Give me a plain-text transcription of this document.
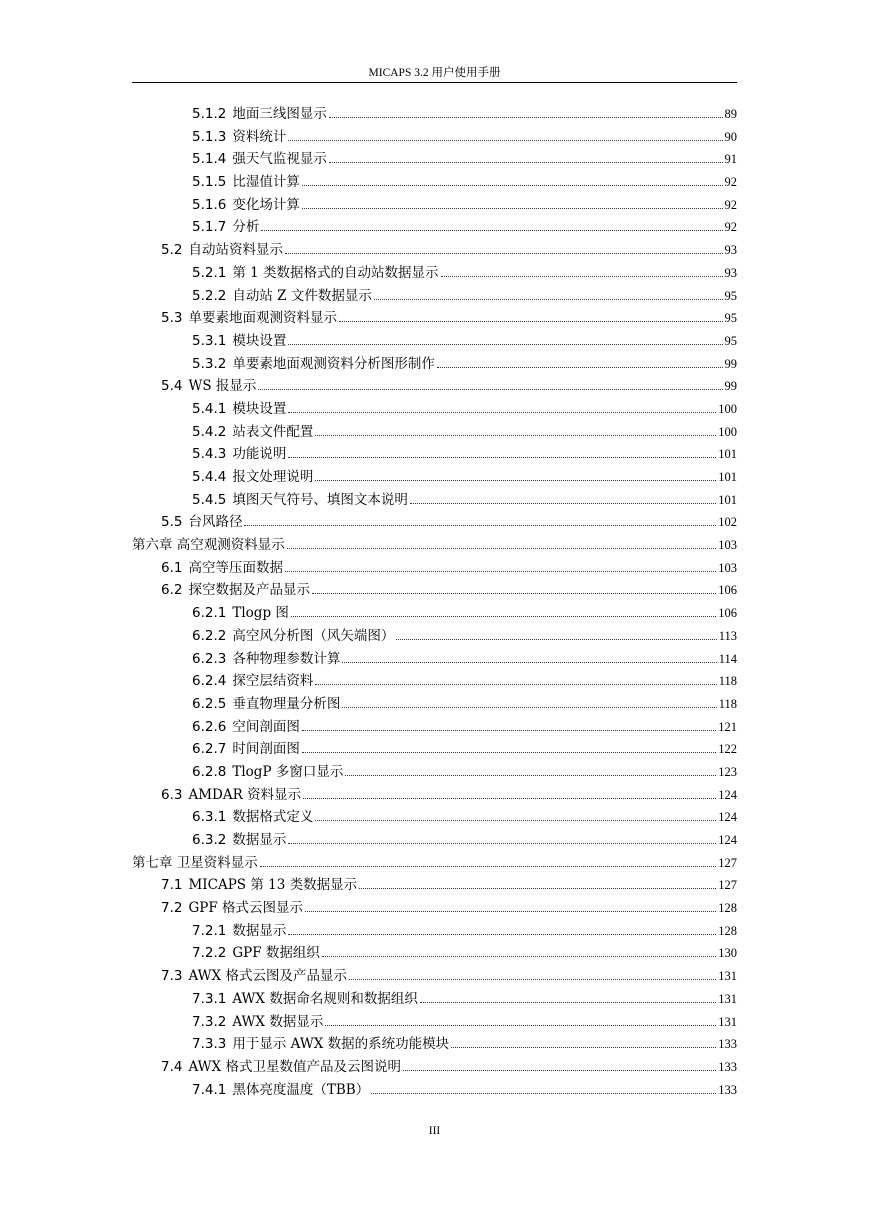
MICAPS 3.2 用户使用手册
5.1.2 地面三线图显示	89
5.1.3 资料统计	90
5.1.4 强天气监视显示	91
5.1.5 比湿值计算	92
5.1.6 变化场计算	92
5.1.7 分析	92
5.2 自动站资料显示	93
5.2.1 第 1 类数据格式的自动站数据显示	93
5.2.2 自动站 Z 文件数据显示	95
5.3 单要素地面观测资料显示	95
5.3.1 模块设置	95
5.3.2 单要素地面观测资料分析图形制作	99
5.4 WS 报显示	99
5.4.1 模块设置	100
5.4.2 站表文件配置	100
5.4.3 功能说明	101
5.4.4 报文处理说明	101
5.4.5 填图天气符号、填图文本说明	101
5.5 台风路径	102
第六章 高空观测资料显示	103
6.1 高空等压面数据	103
6.2 探空数据及产品显示	106
6.2.1 Tlogp 图	106
6.2.2 高空风分析图（风矢端图）	113
6.2.3 各种物理参数计算	114
6.2.4 探空层结资料	118
6.2.5 垂直物理量分析图	118
6.2.6 空间剖面图	121
6.2.7 时间剖面图	122
6.2.8 TlogP 多窗口显示	123
6.3 AMDAR 资料显示	124
6.3.1 数据格式定义	124
6.3.2 数据显示	124
第七章 卫星资料显示	127
7.1 MICAPS 第 13 类数据显示	127
7.2 GPF 格式云图显示	128
7.2.1 数据显示	128
7.2.2 GPF 数据组织	130
7.3 AWX 格式云图及产品显示	131
7.3.1 AWX 数据命名规则和数据组织	131
7.3.2 AWX 数据显示	131
7.3.3 用于显示 AWX 数据的系统功能模块	133
7.4 AWX 格式卫星数值产品及云图说明	133
7.4.1 黑体亮度温度（TBB）	133
III
